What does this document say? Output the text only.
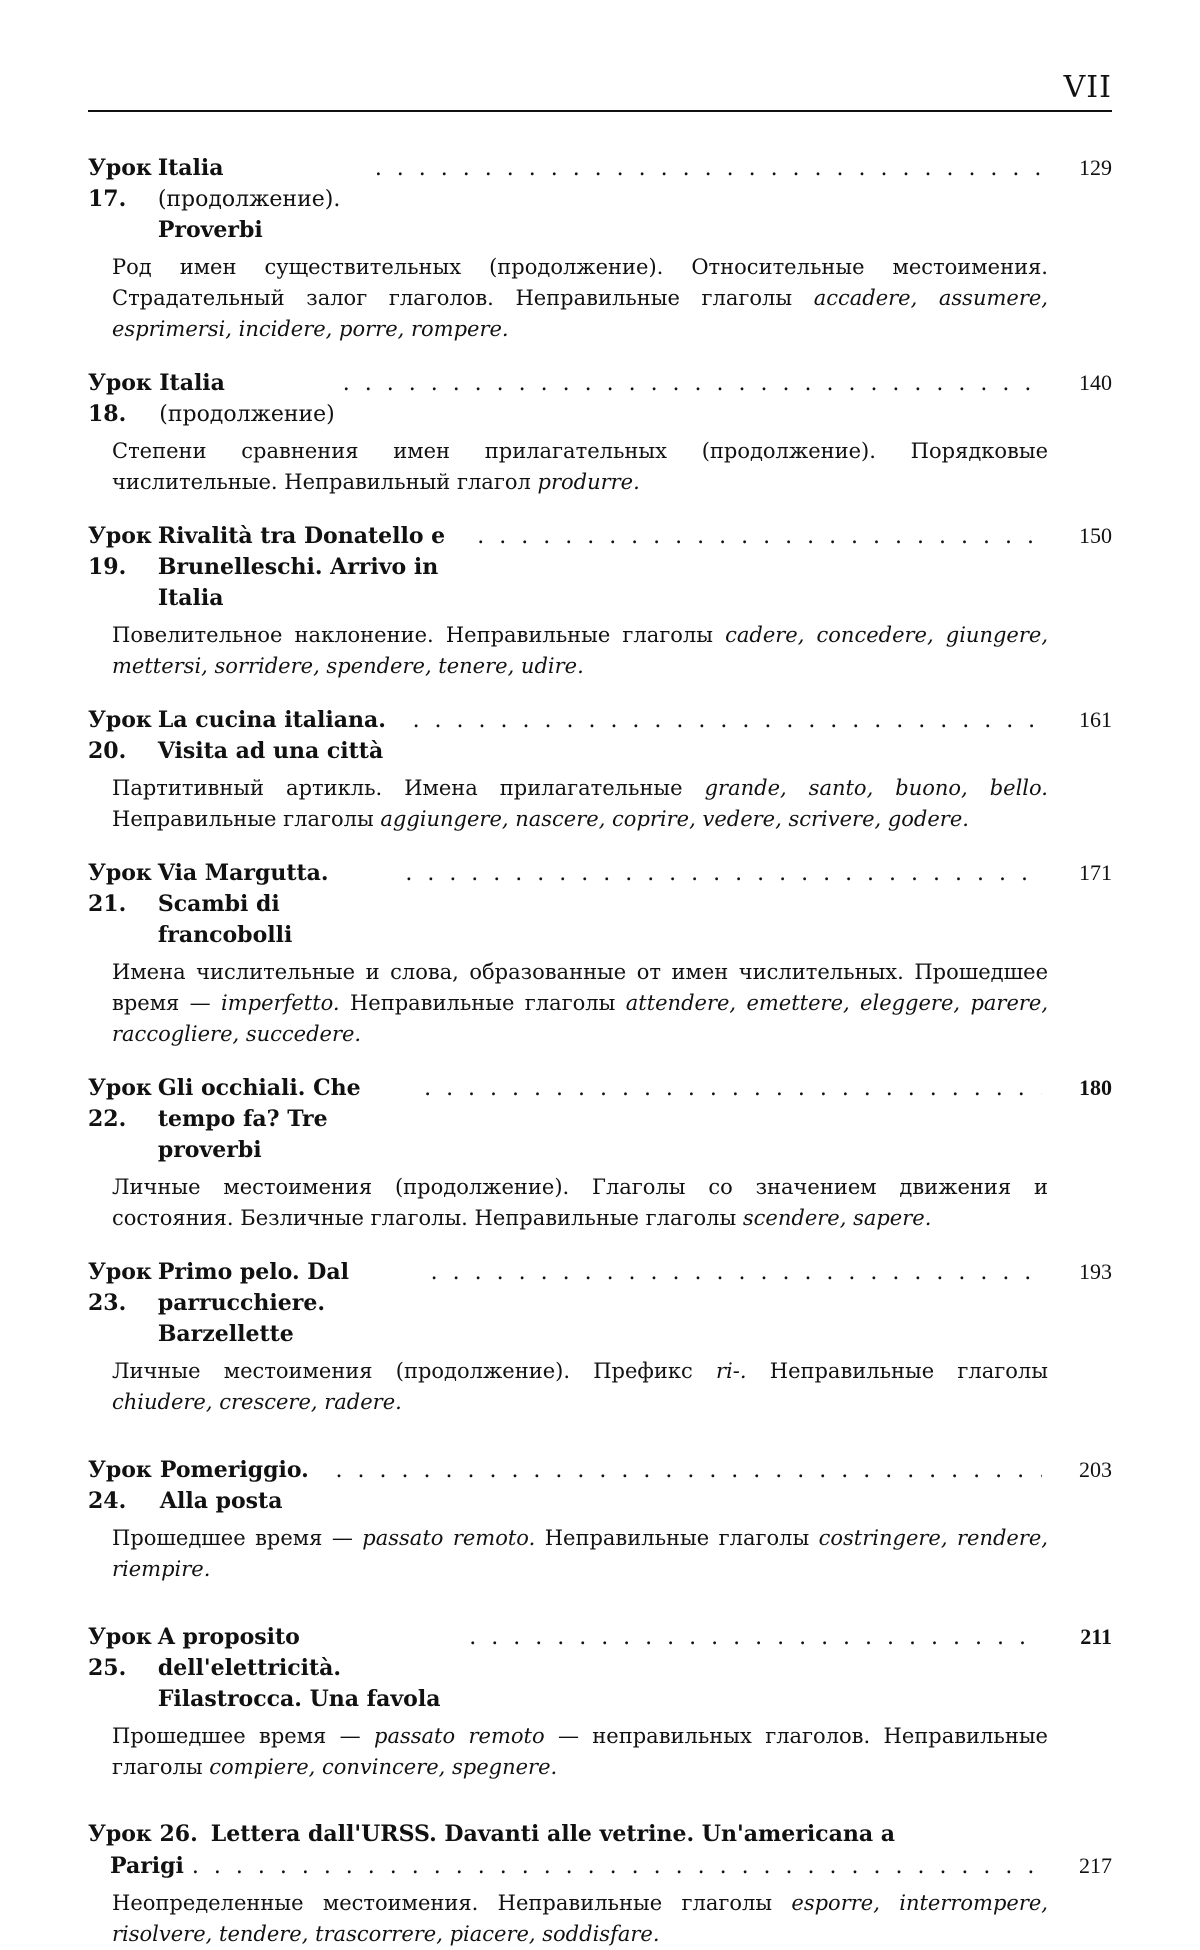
VII
Урок 17.
Italia (продолжение). Proverbi
. . .
129
Род имен существительных (продолжение). Относительные местоимения. Страдательный залог глаголов. Неправильные глаголы accadere, assumere, esprimersi, incidere, porre, rompere.
Урок 18.
Italia (продолжение)
. . .
140
Степени сравнения имен прилагательных (продолжение). Порядковые числительные. Неправильный глагол produrre.
Урок 19.
Rivalità tra Donatello e Brunelleschi. Arrivo in Italia
. . .
150
Повелительное наклонение. Неправильные глаголы cadere, concedere, giungere, mettersi, sorridere, spendere, tenere, udire.
Урок 20.
La cucina italiana. Visita ad una città
. . .
161
Партитивный артикль. Имена прилагательные grande, santo, buono, bello. Неправильные глаголы aggiungere, nascere, coprire, vedere, scrivere, godere.
Урок 21.
Via Margutta. Scambi di francobolli
. . .
171
Имена числительные и слова, образованные от имен числительных. Прошедшее время — imperfetto. Неправильные глаголы attendere, emettere, eleggere, parere, raccogliere, succedere.
Урок 22.
Gli occhiali. Che tempo fa? Tre proverbi
. . .
180
Личные местоимения (продолжение). Глаголы со значением движения и состояния. Безличные глаголы. Неправильные глаголы scendere, sapere.
Урок 23.
Primo pelo. Dal parrucchiere. Barzellette
. . .
193
Личные местоимения (продолжение). Префикс ri-. Неправильные глаголы chiudere, crescere, radere.
Урок 24.
Pomeriggio. Alla posta
. . .
203
Прошедшее время — passato remoto. Неправильные глаголы costringere, rendere, riempire.
Урок 25.
A proposito dell'elettricità. Filastrocca. Una favola
. . .
211
Прошедшее время — passato remoto — неправильных глаголов. Неправильные глаголы compiere, convincere, spegnere.
Урок 26. Lettera dall'URSS. Davanti alle vetrine. Un'americana a
Parigi
. . .	217
Неопределенные местоимения. Неправильные глаголы esporre, interrompere, risolvere, tendere, trascorrere, piacere, soddisfare.
